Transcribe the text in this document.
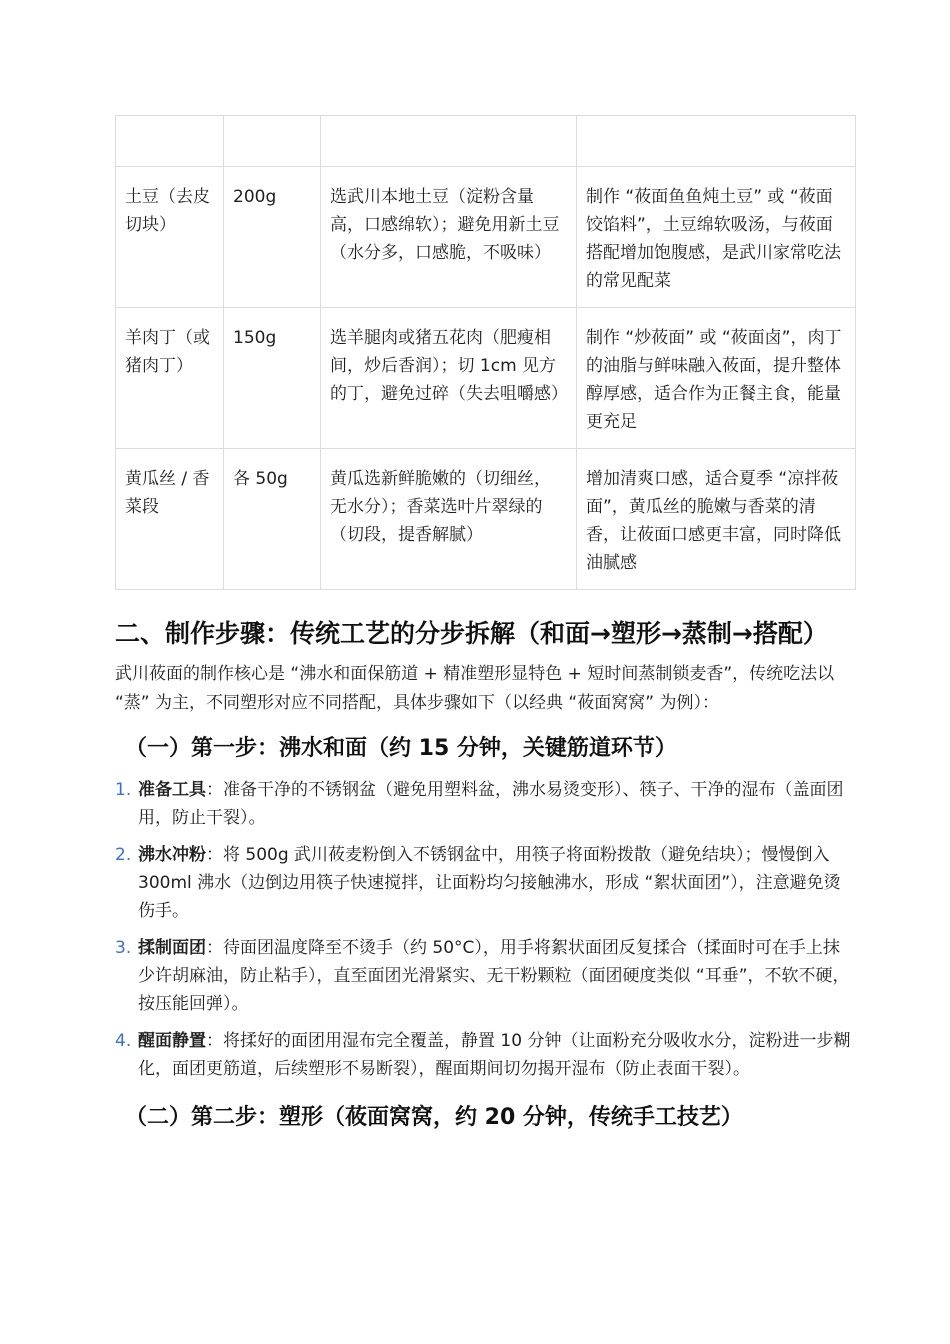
土豆（去皮切块）	200g	选武川本地土豆（淀粉含量高，口感绵软）；避免用新土豆（水分多，口感脆，不吸味）	制作 “莜面鱼鱼炖土豆” 或 “莜面饺馅料”，土豆绵软吸汤，与莜面搭配增加饱腹感，是武川家常吃法的常见配菜
羊肉丁（或猪肉丁）	150g	选羊腿肉或猪五花肉（肥瘦相间，炒后香润）；切 1cm 见方的丁，避免过碎（失去咀嚼感）	制作 “炒莜面” 或 “莜面卤”，肉丁的油脂与鲜味融入莜面，提升整体醇厚感，适合作为正餐主食，能量更充足
黄瓜丝 / 香菜段	各 50g	黄瓜选新鲜脆嫩的（切细丝，无水分）；香菜选叶片翠绿的（切段，提香解腻）	增加清爽口感，适合夏季 “凉拌莜面”，黄瓜丝的脆嫩与香菜的清香，让莜面口感更丰富，同时降低油腻感
二、制作步骤：传统工艺的分步拆解（和面→塑形→蒸制→搭配）

武川莜面的制作核心是 “沸水和面保筋道 + 精准塑形显特色 + 短时间蒸制锁麦香”，传统吃法以 “蒸” 为主，不同塑形对应不同搭配，具体步骤如下（以经典 “莜面窝窝” 为例）：

（一）第一步：沸水和面（约 15 分钟，关键筋道环节）
1. 准备工具：准备干净的不锈钢盆（避免用塑料盆，沸水易烫变形）、筷子、干净的湿布（盖面团用，防止干裂）。
2. 沸水冲粉：将 500g 武川莜麦粉倒入不锈钢盆中，用筷子将面粉拨散（避免结块）；慢慢倒入 300ml 沸水（边倒边用筷子快速搅拌，让面粉均匀接触沸水，形成 “絮状面团”），注意避免烫伤手。
3. 揉制面团：待面团温度降至不烫手（约 50°C），用手将絮状面团反复揉合（揉面时可在手上抹少许胡麻油，防止粘手），直至面团光滑紧实、无干粉颗粒（面团硬度类似 “耳垂”，不软不硬，按压能回弹）。
4. 醒面静置：将揉好的面团用湿布完全覆盖，静置 10 分钟（让面粉充分吸收水分，淀粉进一步糊化，面团更筋道，后续塑形不易断裂），醒面期间切勿揭开湿布（防止表面干裂）。
（二）第二步：塑形（莜面窝窝，约 20 分钟，传统手工技艺）
